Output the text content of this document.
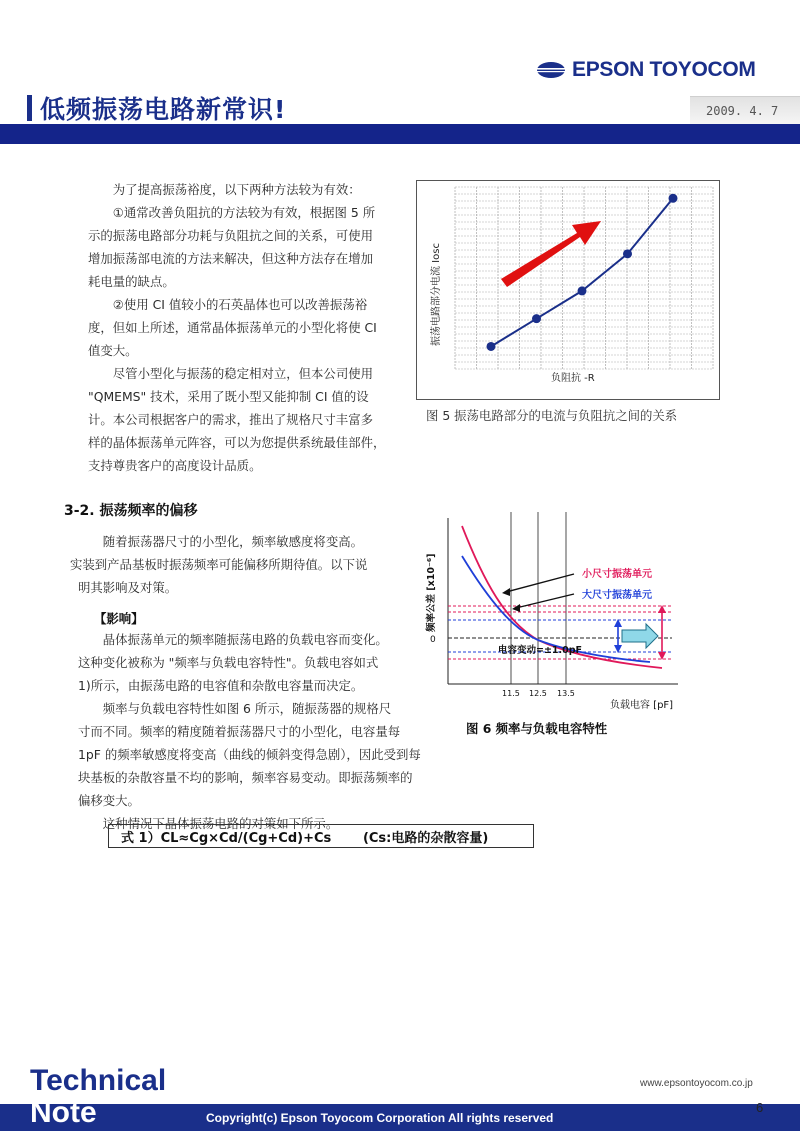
EPSON TOYOCOM
低频振荡电路新常识!	2009. 4. 7

为了提高振荡裕度，以下两种方法较为有效：
①通常改善负阻抗的方法较为有效，根据图 5 所
示的振荡电路部分功耗与负阻抗之间的关系，可使用
增加振荡部电流的方法来解决，但这种方法存在增加
耗电量的缺点。
②使用 CI 值较小的石英晶体也可以改善振荡裕
度，但如上所述，通常晶体振荡单元的小型化将使 CI
值变大。
尽管小型化与振荡的稳定相对立，但本公司使用
"QMEMS" 技术，采用了既小型又能抑制 CI 值的设
计。本公司根据客户的需求，推出了规格尺寸丰富多
样的晶体振荡单元阵容，可以为您提供系统最佳部件，
支持尊贵客户的高度设计品质。

振荡电路部分电流 Iosc
负阻抗 -R
图 5 振荡电路部分的电流与负阻抗之间的关系
3-2. 振荡频率的偏移

随着振荡器尺寸的小型化，频率敏感度将变高。
实装到产品基板时振荡频率可能偏移所期待值。以下说
明其影响及对策。

【影响】

晶体振荡单元的频率随振荡电路的负载电容而变化。
这种变化被称为 "频率与负载电容特性"。负载电容如式
1)所示，由振荡电路的电容值和杂散电容量而决定。
频率与负载电容特性如图 6 所示，随振荡器的规格尺
寸而不同。频率的精度随着振荡器尺寸的小型化，电容量每
1pF 的频率敏感度将变高（曲线的倾斜变得急剧），因此受到每
块基板的杂散容量不均的影响，频率容易变动。即振荡频率的
偏移变大。
这种情况下晶体振荡电路的对策如下所示。

式 1）CL≈Cg×Cd/(Cg+Cd)+Cs       (Cs:电路的杂散容量)
频率公差 [x10⁻⁶]
0
小尺寸振荡单元
大尺寸振荡单元
电容变动=±1.0pF
11.5 12.5 13.5
负载电容 [pF]
图 6 频率与负载电容特性
Technical
Note
www.epsontoyocom.co.jp
Copyright(c) Epson Toyocom Corporation All rights reserved
6
